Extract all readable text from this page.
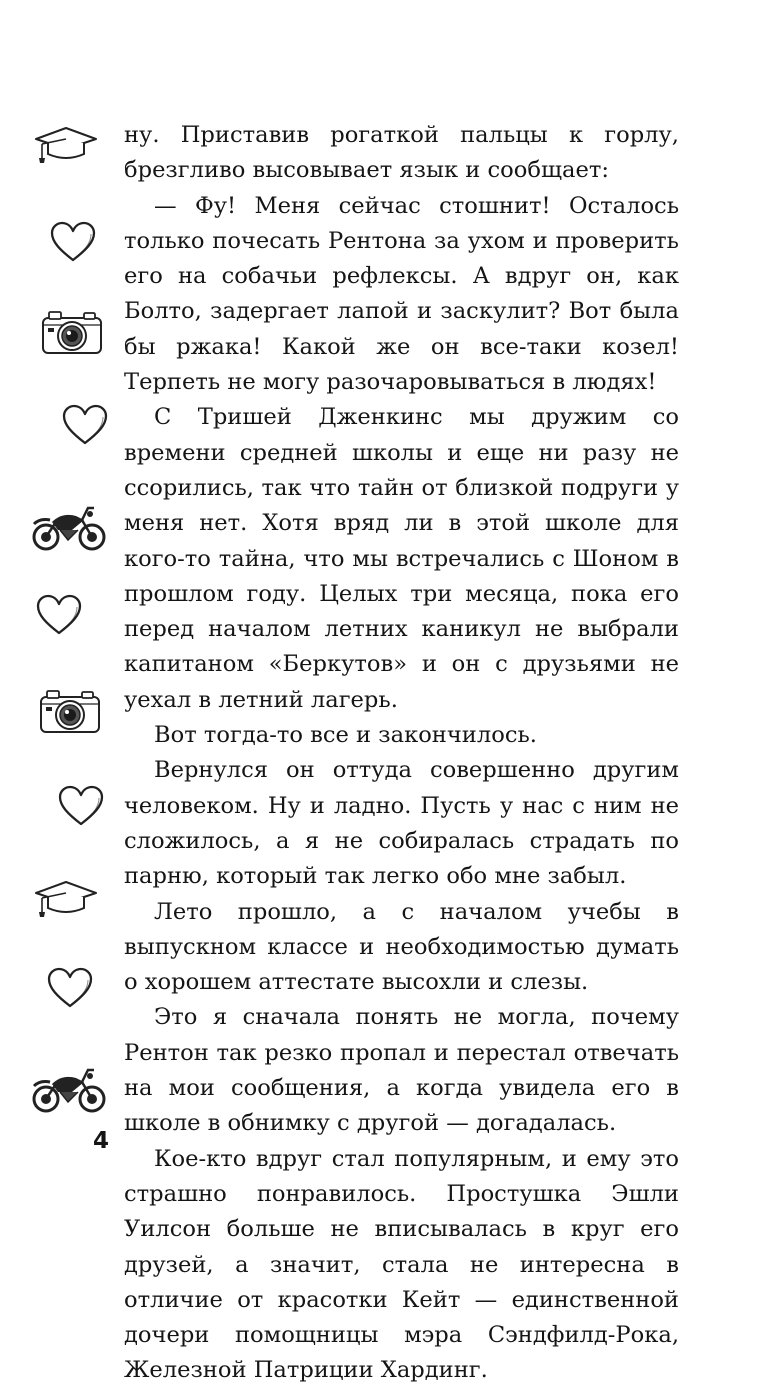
ну. Приставив рогаткой пальцы к горлу, брезгливо высовывает язык и сообщает:

— Фу! Меня сейчас стошнит! Осталось только почесать Рентона за ухом и проверить его на собачьи рефлексы. А вдруг он, как Болто, задергает лапой и заскулит? Вот была бы ржака! Какой же он все-таки козел! Терпеть не могу разочаровываться в людях!

С Тришей Дженкинс мы дружим со времени средней школы и еще ни разу не ссорились, так что тайн от близкой подруги у меня нет. Хотя вряд ли в этой школе для кого-то тайна, что мы встречались с Шоном в прошлом году. Целых три месяца, пока его перед началом летних каникул не выбрали капитаном «Беркутов» и он с друзьями не уехал в летний лагерь.

Вот тогда-то все и закончилось.

Вернулся он оттуда совершенно другим человеком. Ну и ладно. Пусть у нас с ним не сложилось, а я не собиралась страдать по парню, который так легко обо мне забыл.

Лето прошло, а с началом учебы в выпускном классе и необходимостью думать о хорошем аттестате высохли и слезы.

Это я сначала понять не могла, почему Рентон так резко пропал и перестал отвечать на мои сообщения, а когда увидела его в школе в обнимку с другой — догадалась.

Кое-кто вдруг стал популярным, и ему это страшно понравилось. Простушка Эшли Уилсон больше не вписывалась в круг его друзей, а значит, стала не интересна в отличие от красотки Кейт — единственной дочери помощницы мэра Сэндфилд-Рока, Железной Патриции Хардинг.

4
